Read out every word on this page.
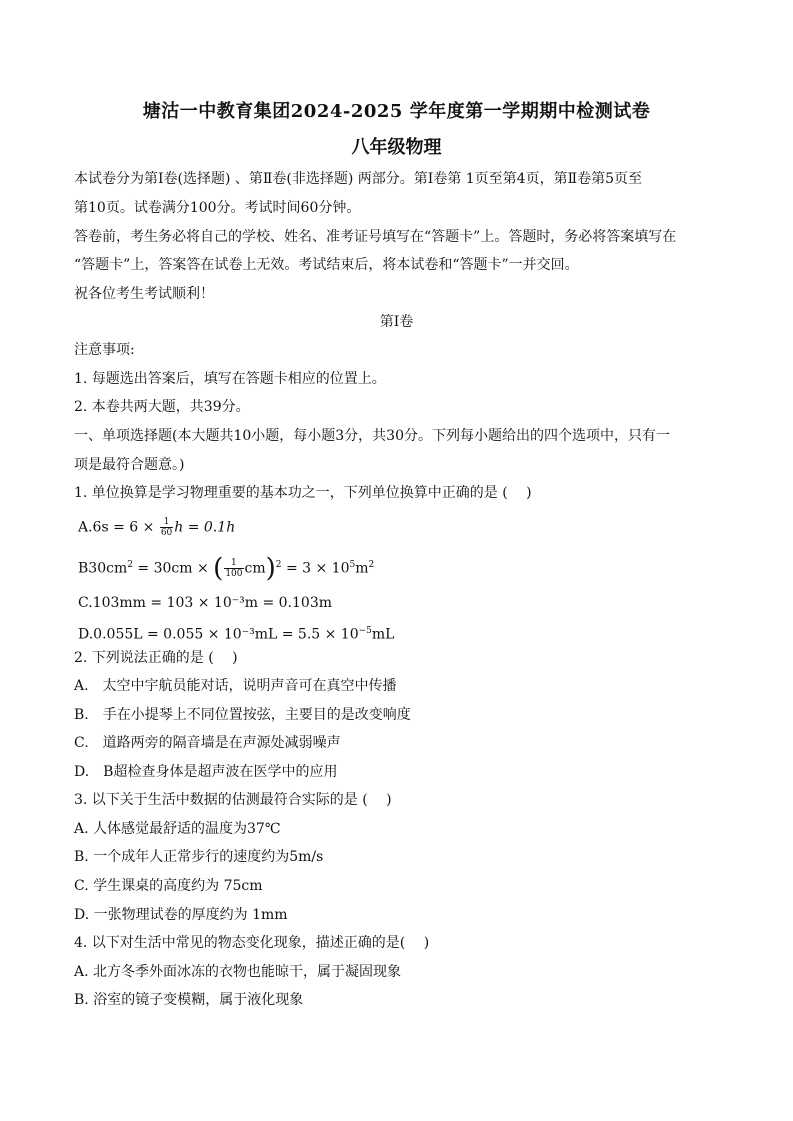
塘沽一中教育集团2024-2025 学年度第一学期期中检测试卷
八年级物理
本试卷分为第Ⅰ卷(选择题) 、第Ⅱ卷(非选择题) 两部分。第Ⅰ卷第 1页至第4页，第Ⅱ卷第5页至
第10页。试卷满分100分。考试时间60分钟。
答卷前，考生务必将自己的学校、姓名、准考证号填写在“答题卡”上。答题时，务必将答案填写在
“答题卡”上，答案答在试卷上无效。考试结束后，将本试卷和“答题卡”一并交回。
祝各位考生考试顺利！
第Ⅰ卷
注意事项:
1. 每题选出答案后，填写在答题卡相应的位置上。
2. 本卷共两大题，共39分。
一、单项选择题(本大题共10小题，每小题3分，共30分。下列每小题给出的四个选项中，只有一
项是最符合题意。)
1. 单位换算是学习物理重要的基本功之一，下列单位换算中正确的是 (　 )
$A.6s = 6 \times \frac{1}{60}$ h = 0.1h
$B30cm^2 = 30cm$ × ( $\frac{1}{100} cm)^2 = 3 \times 10^5m^2$
C.103mm = 103 × 10⁻³m = 0.103m
$D.0.055L = 0.055 \times 10^{-3}mL = 5.5 \times 10^{-5}mL$
2. 下列说法正确的是 (　 )
A.　太空中宇航员能对话，说明声音可在真空中传播
B.　手在小提琴上不同位置按弦，主要目的是改变响度
C.　道路两旁的隔音墙是在声源处减弱噪声
D.　B超检查身体是超声波在医学中的应用
3. 以下关于生活中数据的估测最符合实际的是 (　 )
A. 人体感觉最舒适的温度为37℃
B. 一个成年人正常步行的速度约为5m/s
C. 学生课桌的高度约为 75cm
D. 一张物理试卷的厚度约为 1mm
4. 以下对生活中常见的物态变化现象，描述正确的是(　 )
A. 北方冬季外面冰冻的衣物也能晾干，属于凝固现象
B. 浴室的镜子变模糊，属于液化现象
